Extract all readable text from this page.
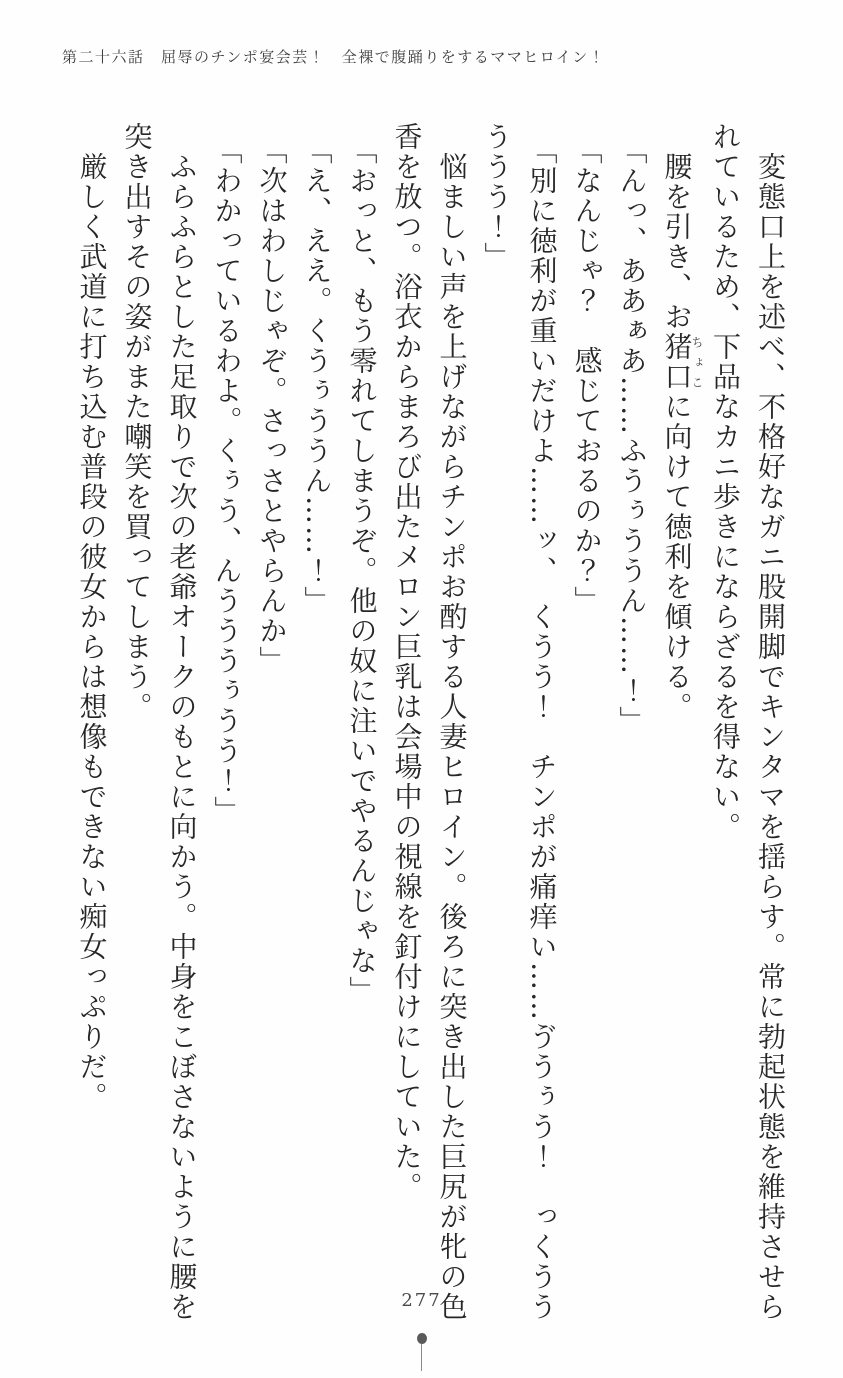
第二十六話　屈辱のチンポ宴会芸！　全裸で腹踊りをするママヒロイン！

変態口上を述べ、不格好なガニ股開脚でキンタマを揺らす。常に勃起状態を維持させられているため、下品なカニ歩きにならざるを得ない。

腰を引き、お猪口ちょこに向けて徳利を傾ける。

「んっ、ああぁあ……ふうぅううん……！」

「なんじゃ？　感じておるのか？」

「別に徳利が重いだけよ……ッ、　くうう！　チンポが痛痒い……ゔうぅう！　っくううううう！」

悩ましい声を上げながらチンポお酌する人妻ヒロイン。後ろに突き出した巨尻が牝の色香を放つ。浴衣からまろび出たメロン巨乳は会場中の視線を釘付けにしていた。

「おっと、もう零れてしまうぞ。他の奴に注いでやるんじゃな」

「え、ええ。くうぅううん……！」

「次はわしじゃぞ。さっさとやらんか」

「わかっているわよ。くぅう、んうううぅうう！」

ふらふらとした足取りで次の老爺オークのもとに向かう。中身をこぼさないように腰を突き出すその姿がまた嘲笑を買ってしまう。

厳しく武道に打ち込む普段の彼女からは想像もできない痴女っぷりだ。

277
